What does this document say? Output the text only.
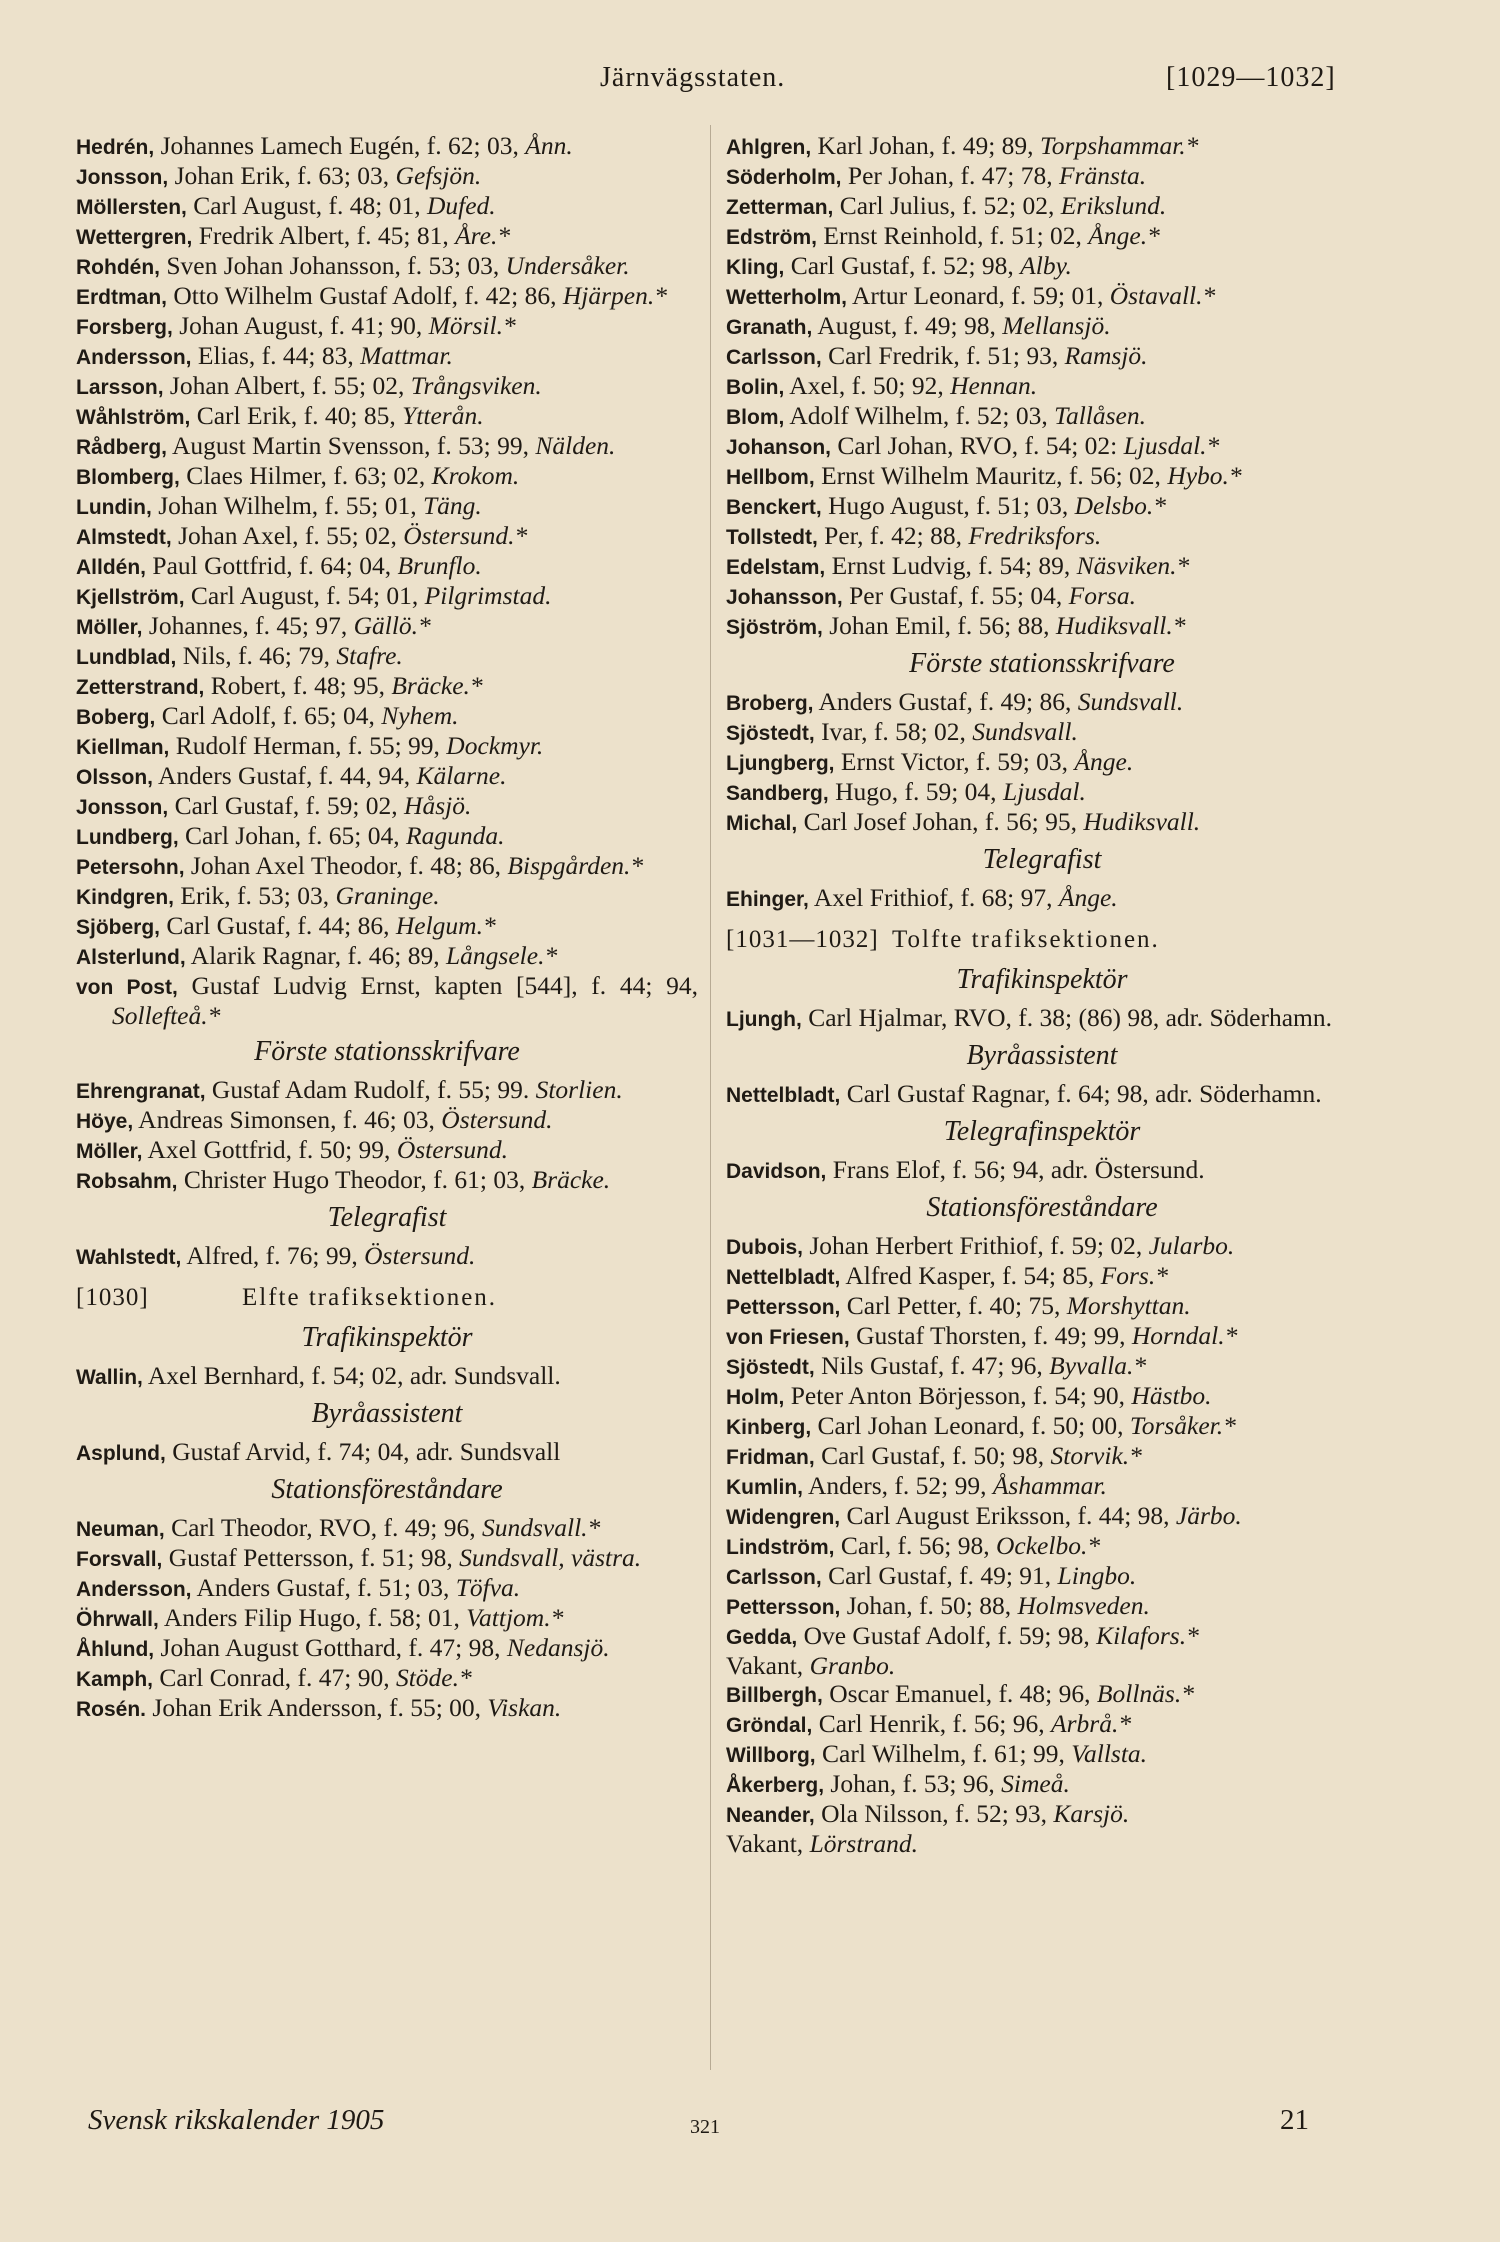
Järnvägsstaten.	[1029—1032]
Hedrén, Johannes Lamech Eugén, f. 62; 03, Ånn.
Jonsson, Johan Erik, f. 63; 03, Gefsjön.
Möllersten, Carl August, f. 48; 01, Dufed.
Wettergren, Fredrik Albert, f. 45; 81, Åre.*
Rohdén, Sven Johan Johansson, f. 53; 03, Undersåker.
Erdtman, Otto Wilhelm Gustaf Adolf, f. 42; 86, Hjärpen.*
Forsberg, Johan August, f. 41; 90, Mörsil.*
Andersson, Elias, f. 44; 83, Mattmar.
Larsson, Johan Albert, f. 55; 02, Trångsviken.
Wåhlström, Carl Erik, f. 40; 85, Ytterån.
Rådberg, August Martin Svensson, f. 53; 99, Nälden.
Blomberg, Claes Hilmer, f. 63; 02, Krokom.
Lundin, Johan Wilhelm, f. 55; 01, Täng.
Almstedt, Johan Axel, f. 55; 02, Östersund.*
Alldén, Paul Gottfrid, f. 64; 04, Brunflo.
Kjellström, Carl August, f. 54; 01, Pilgrimstad.
Möller, Johannes, f. 45; 97, Gällö.*
Lundblad, Nils, f. 46; 79, Stafre.
Zetterstrand, Robert, f. 48; 95, Bräcke.*
Boberg, Carl Adolf, f. 65; 04, Nyhem.
Kiellman, Rudolf Herman, f. 55; 99, Dockmyr.
Olsson, Anders Gustaf, f. 44, 94, Kälarne.
Jonsson, Carl Gustaf, f. 59; 02, Håsjö.
Lundberg, Carl Johan, f. 65; 04, Ragunda.
Petersohn, Johan Axel Theodor, f. 48; 86, Bispgården.*
Kindgren, Erik, f. 53; 03, Graninge.
Sjöberg, Carl Gustaf, f. 44; 86, Helgum.*
Alsterlund, Alarik Ragnar, f. 46; 89, Långsele.*
von Post, Gustaf Ludvig Ernst, kapten [544], f. 44; 94, Sollefteå.*
Förste stationsskrifvare
Ehrengranat, Gustaf Adam Rudolf, f. 55; 99. Storlien.
Höye, Andreas Simonsen, f. 46; 03, Östersund.
Möller, Axel Gottfrid, f. 50; 99, Östersund.
Robsahm, Christer Hugo Theodor, f. 61; 03, Bräcke.
Telegrafist
Wahlstedt, Alfred, f. 76; 99, Östersund.
[1030]	Elfte trafiksektionen.
Trafikinspektör
Wallin, Axel Bernhard, f. 54; 02, adr. Sundsvall.
Byråassistent
Asplund, Gustaf Arvid, f. 74; 04, adr. Sundsvall
Stationsföreståndare
Neuman, Carl Theodor, RVO, f. 49; 96, Sundsvall.*
Forsvall, Gustaf Pettersson, f. 51; 98, Sundsvall, västra.
Andersson, Anders Gustaf, f. 51; 03, Töfva.
Öhrwall, Anders Filip Hugo, f. 58; 01, Vattjom.*
Åhlund, Johan August Gotthard, f. 47; 98, Nedansjö.
Kamph, Carl Conrad, f. 47; 90, Stöde.*
Rosén. Johan Erik Andersson, f. 55; 00, Viskan.
Ahlgren, Karl Johan, f. 49; 89, Torpshammar.*
Söderholm, Per Johan, f. 47; 78, Fränsta.
Zetterman, Carl Julius, f. 52; 02, Erikslund.
Edström, Ernst Reinhold, f. 51; 02, Ånge.*
Kling, Carl Gustaf, f. 52; 98, Alby.
Wetterholm, Artur Leonard, f. 59; 01, Östavall.*
Granath, August, f. 49; 98, Mellansjö.
Carlsson, Carl Fredrik, f. 51; 93, Ramsjö.
Bolin, Axel, f. 50; 92, Hennan.
Blom, Adolf Wilhelm, f. 52; 03, Tallåsen.
Johanson, Carl Johan, RVO, f. 54; 02: Ljusdal.*
Hellbom, Ernst Wilhelm Mauritz, f. 56; 02, Hybo.*
Benckert, Hugo August, f. 51; 03, Delsbo.*
Tollstedt, Per, f. 42; 88, Fredriksfors.
Edelstam, Ernst Ludvig, f. 54; 89, Näsviken.*
Johansson, Per Gustaf, f. 55; 04, Forsa.
Sjöström, Johan Emil, f. 56; 88, Hudiksvall.*
Förste stationsskrifvare
Broberg, Anders Gustaf, f. 49; 86, Sundsvall.
Sjöstedt, Ivar, f. 58; 02, Sundsvall.
Ljungberg, Ernst Victor, f. 59; 03, Ånge.
Sandberg, Hugo, f. 59; 04, Ljusdal.
Michal, Carl Josef Johan, f. 56; 95, Hudiksvall.
Telegrafist
Ehinger, Axel Frithiof, f. 68; 97, Ånge.
[1031—1032] Tolfte trafiksektionen.
Trafikinspektör
Ljungh, Carl Hjalmar, RVO, f. 38; (86) 98, adr. Söderhamn.
Byråassistent
Nettelbladt, Carl Gustaf Ragnar, f. 64; 98, adr. Söderhamn.
Telegrafinspektör
Davidson, Frans Elof, f. 56; 94, adr. Östersund.
Stationsföreståndare
Dubois, Johan Herbert Frithiof, f. 59; 02, Jularbo.
Nettelbladt, Alfred Kasper, f. 54; 85, Fors.*
Pettersson, Carl Petter, f. 40; 75, Morshyttan.
von Friesen, Gustaf Thorsten, f. 49; 99, Horndal.*
Sjöstedt, Nils Gustaf, f. 47; 96, Byvalla.*
Holm, Peter Anton Börjesson, f. 54; 90, Hästbo.
Kinberg, Carl Johan Leonard, f. 50; 00, Torsåker.*
Fridman, Carl Gustaf, f. 50; 98, Storvik.*
Kumlin, Anders, f. 52; 99, Åshammar.
Widengren, Carl August Eriksson, f. 44; 98, Järbo.
Lindström, Carl, f. 56; 98, Ockelbo.*
Carlsson, Carl Gustaf, f. 49; 91, Lingbo.
Pettersson, Johan, f. 50; 88, Holmsveden.
Gedda, Ove Gustaf Adolf, f. 59; 98, Kilafors.*
Vakant, Granbo.
Billbergh, Oscar Emanuel, f. 48; 96, Bollnäs.*
Gröndal, Carl Henrik, f. 56; 96, Arbrå.*
Willborg, Carl Wilhelm, f. 61; 99, Vallsta.
Åkerberg, Johan, f. 53; 96, Simeå.
Neander, Ola Nilsson, f. 52; 93, Karsjö.
Vakant, Lörstrand.
Svensk rikskalender 1905	321	21
